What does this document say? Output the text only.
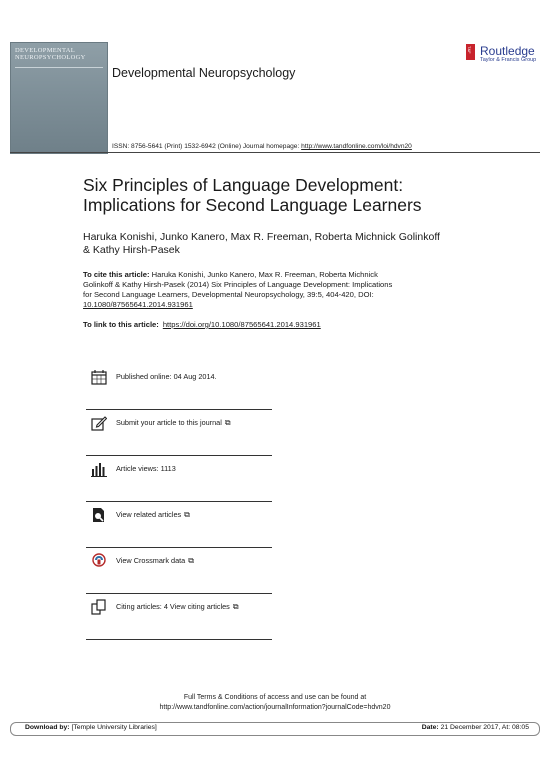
DEVELOPMENTAL
NEUROPSYCHOLOGY
Developmental Neuropsychology
T&F Routledge
Taylor & Francis Group
ISSN: 8756-5641 (Print) 1532-6942 (Online) Journal homepage: http://www.tandfonline.com/loi/hdvn20
Six Principles of Language Development:
Implications for Second Language Learners
Haruka Konishi, Junko Kanero, Max R. Freeman, Roberta Michnick Golinkoff
& Kathy Hirsh-Pasek
To cite this article: Haruka Konishi, Junko Kanero, Max R. Freeman, Roberta Michnick
Golinkoff & Kathy Hirsh-Pasek (2014) Six Principles of Language Development: Implications
for Second Language Learners, Developmental Neuropsychology, 39:5, 404-420, DOI:
10.1080/87565641.2014.931961
To link to this article: https://doi.org/10.1080/87565641.2014.931961
Published online: 04 Aug 2014.
Submit your article to this journal ⧉
Article views: 1113
View related articles ⧉
View Crossmark data ⧉
Citing articles: 4 View citing articles ⧉
Full Terms & Conditions of access and use can be found at
http://www.tandfonline.com/action/journalInformation?journalCode=hdvn20
Download by: [Temple University Libraries]	Date: 21 December 2017, At: 08:05
